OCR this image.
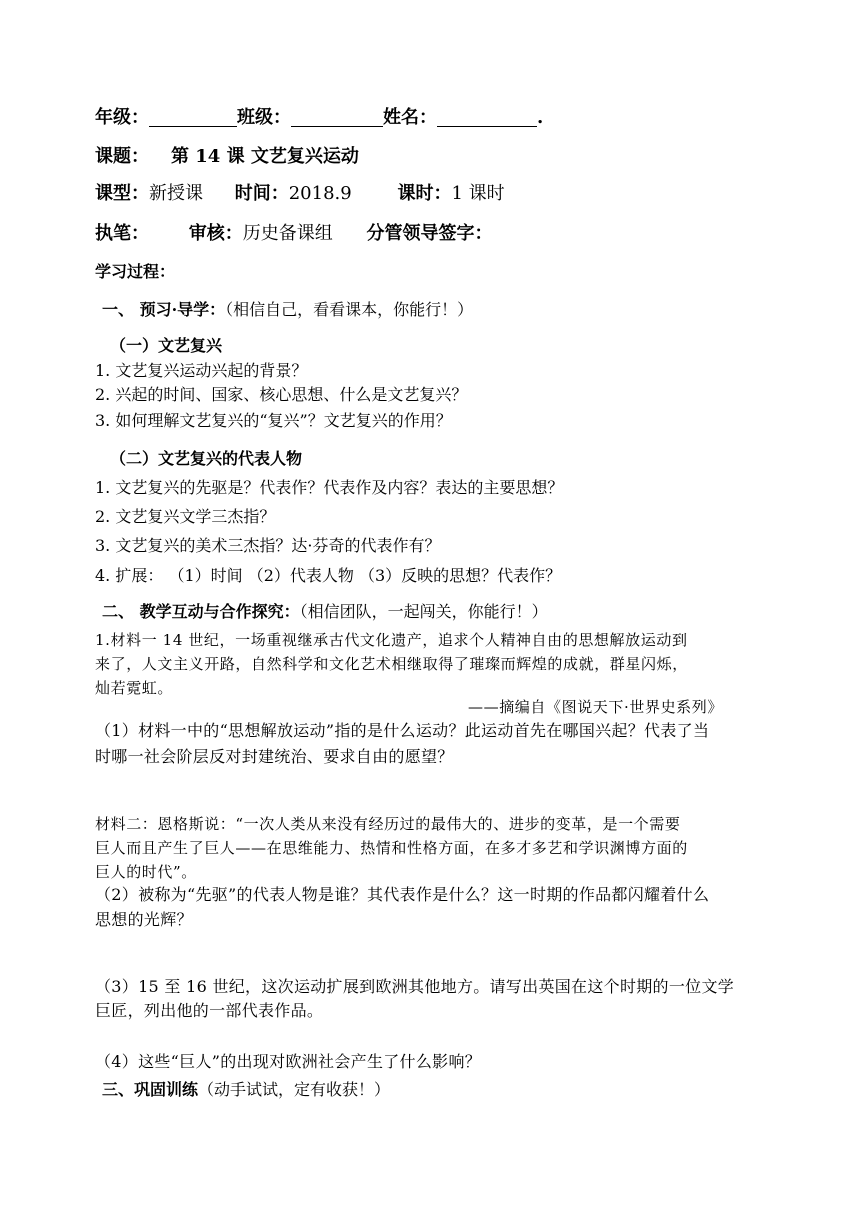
年级：	班级：	姓名：	.
课题： 第 14 课 文艺复兴运动
课型：新授课 时间：2018.9	课时：1 课时
执笔： 审核：历史备课组 分管领导签字：
学习过程：
一、 预习·导学：（相信自己，看看课本，你能行！）
（一）文艺复兴
1. 文艺复兴运动兴起的背景？
2. 兴起的时间、国家、核心思想、什么是文艺复兴？
3. 如何理解文艺复兴的“复兴”？文艺复兴的作用？
（二）文艺复兴的代表人物
1. 文艺复兴的先驱是？代表作？代表作及内容？表达的主要思想？
2. 文艺复兴文学三杰指？
3. 文艺复兴的美术三杰指？达·芬奇的代表作有？
4. 扩展： （1）时间 （2）代表人物 （3）反映的思想？代表作？
二、 教学互动与合作探究：（相信团队，一起闯关，你能行！）
1.材料一 14 世纪，一场重视继承古代文化遗产，追求个人精神自由的思想解放运动到
来了，人文主义开路，自然科学和文化艺术相继取得了璀璨而辉煌的成就，群星闪烁，
灿若霓虹。
——摘编自《图说天下·世界史系列》
（1）材料一中的“思想解放运动”指的是什么运动？此运动首先在哪国兴起？代表了当
时哪一社会阶层反对封建统治、要求自由的愿望？
材料二：恩格斯说：“一次人类从来没有经历过的最伟大的、进步的变革，是一个需要
巨人而且产生了巨人——在思维能力、热情和性格方面，在多才多艺和学识渊博方面的
巨人的时代”。
（2）被称为“先驱”的代表人物是谁？其代表作是什么？这一时期的作品都闪耀着什么
思想的光辉？
（3）15 至 16 世纪，这次运动扩展到欧洲其他地方。请写出英国在这个时期的一位文学
巨匠，列出他的一部代表作品。
（4）这些“巨人”的出现对欧洲社会产生了什么影响？
三、巩固训练（动手试试，定有收获！）
